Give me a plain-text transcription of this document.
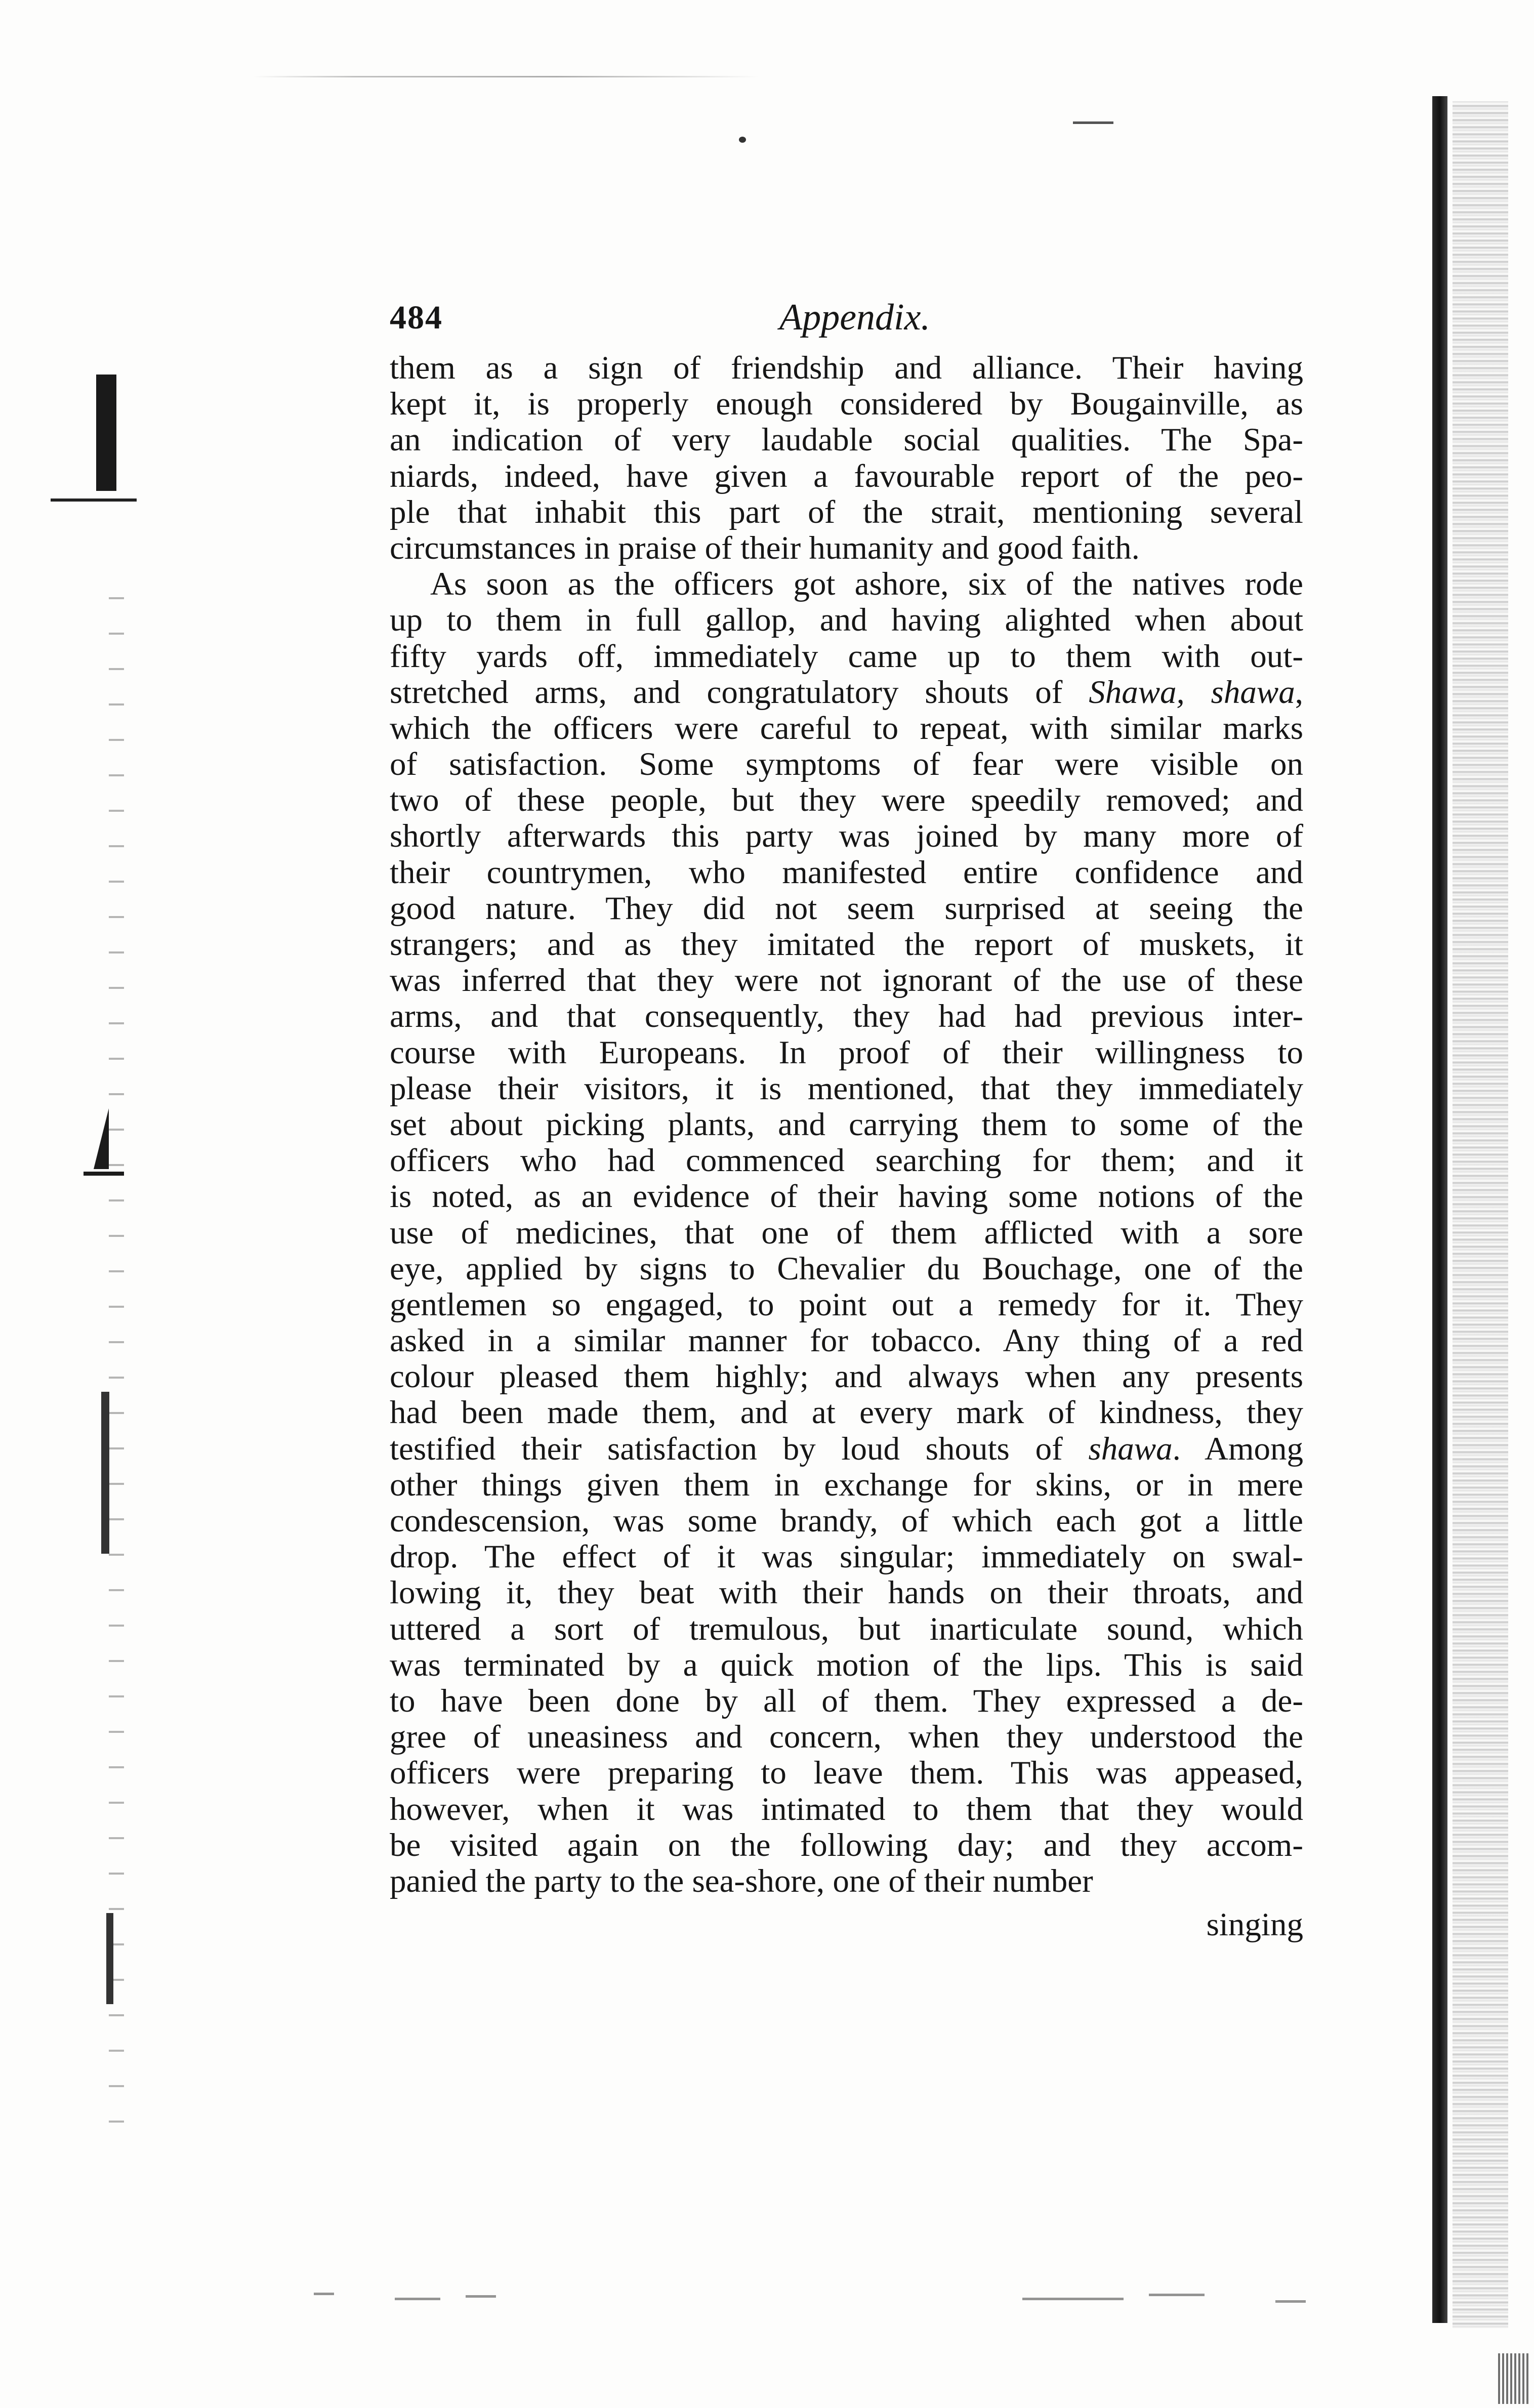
484	Appendix.
them as a sign of friendship and alliance. Their having
kept it, is properly enough considered by Bougainville, as
an indication of very laudable social qualities. The Spa-
niards, indeed, have given a favourable report of the peo-
ple that inhabit this part of the strait, mentioning several
circumstances in praise of their humanity and good faith.
As soon as the officers got ashore, six of the natives rode
up to them in full gallop, and having alighted when about
fifty yards off, immediately came up to them with out-
stretched arms, and congratulatory shouts of Shawa, shawa,
which the officers were careful to repeat, with similar marks
of satisfaction. Some symptoms of fear were visible on
two of these people, but they were speedily removed; and
shortly afterwards this party was joined by many more of
their countrymen, who manifested entire confidence and
good nature. They did not seem surprised at seeing the
strangers; and as they imitated the report of muskets, it
was inferred that they were not ignorant of the use of these
arms, and that consequently, they had had previous inter-
course with Europeans. In proof of their willingness to
please their visitors, it is mentioned, that they immediately
set about picking plants, and carrying them to some of the
officers who had commenced searching for them; and it
is noted, as an evidence of their having some notions of the
use of medicines, that one of them afflicted with a sore
eye, applied by signs to Chevalier du Bouchage, one of the
gentlemen so engaged, to point out a remedy for it. They
asked in a similar manner for tobacco. Any thing of a red
colour pleased them highly; and always when any presents
had been made them, and at every mark of kindness, they
testified their satisfaction by loud shouts of shawa. Among
other things given them in exchange for skins, or in mere
condescension, was some brandy, of which each got a little
drop. The effect of it was singular; immediately on swal-
lowing it, they beat with their hands on their throats, and
uttered a sort of tremulous, but inarticulate sound, which
was terminated by a quick motion of the lips. This is said
to have been done by all of them. They expressed a de-
gree of uneasiness and concern, when they understood the
officers were preparing to leave them. This was appeased,
however, when it was intimated to them that they would
be visited again on the following day; and they accom-
panied the party to the sea-shore, one of their number
singing
